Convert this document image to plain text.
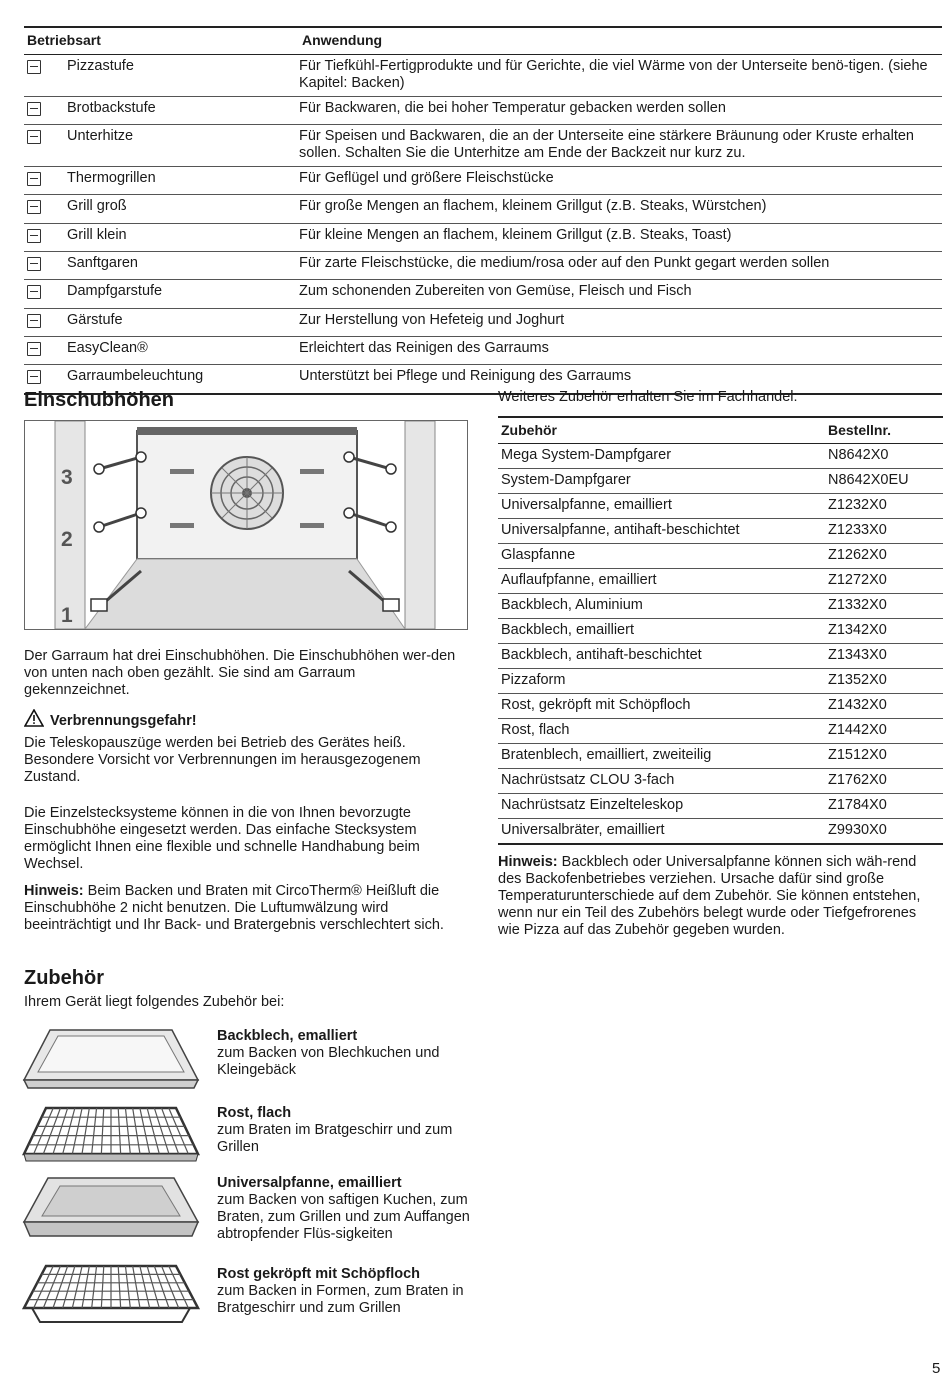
Betriebsart		Anwendung

	Pizzastufe	Für Tiefkühl-Fertigprodukte und für Gerichte, die viel Wärme von der Unterseite benö-tigen. (siehe Kapitel: Backen)

	Brotbackstufe	Für Backwaren, die bei hoher Temperatur gebacken werden sollen

	Unterhitze	Für Speisen und Backwaren, die an der Unterseite eine stärkere Bräunung oder Kruste erhalten sollen. Schalten Sie die Unterhitze am Ende der Backzeit nur kurz zu.

	Thermogrillen	Für Geflügel und größere Fleischstücke

	Grill groß	Für große Mengen an flachem, kleinem Grillgut (z.B. Steaks, Würstchen)

	Grill klein	Für kleine Mengen an flachem, kleinem Grillgut (z.B. Steaks, Toast)

	Sanftgaren	Für zarte Fleischstücke, die medium/rosa oder auf den Punkt gegart werden sollen

	Dampfgarstufe	Zum schonenden Zubereiten von Gemüse, Fleisch und Fisch

	Gärstufe	Zur Herstellung von Hefeteig und Joghurt

	EasyClean®	Erleichtert das Reinigen des Garraums

	Garraumbeleuchtung	Unterstützt bei Pflege und Reinigung des Garraums
Einschubhöhen
3
2
1

Der Garraum hat drei Einschubhöhen. Die Einschubhöhen wer-den von unten nach oben gezählt. Sie sind am Garraum gekennzeichnet.

Verbrennungsgefahr!

Die Teleskopauszüge werden bei Betrieb des Gerätes heiß. Besondere Vorsicht vor Verbrennungen im herausgezogenem Zustand.

Die Einzelstecksysteme können in die von Ihnen bevorzugte Einschubhöhe eingesetzt werden. Das einfache Stecksystem ermöglicht Ihnen eine flexible und schnelle Handhabung beim Wechsel.

Hinweis: Beim Backen und Braten mit CircoTherm® Heißluft die Einschubhöhe 2 nicht benutzen. Die Luftumwälzung wird beeinträchtigt und Ihr Back- und Bratergebnis verschlechtert sich.

Zubehör
Ihrem Gerät liegt folgendes Zubehör bei:
Backblech, emalliert
zum Backen von Blechkuchen und Kleingebäck
Rost, flach
zum Braten im Bratgeschirr und zum Grillen
Universalpfanne, emailliert
zum Backen von saftigen Kuchen, zum Braten, zum Grillen und zum Auffangen abtropfender Flüs-sigkeiten
Rost gekröpft mit Schöpfloch
zum Backen in Formen, zum Braten in Bratgeschirr und zum Grillen
Weiteres Zubehör erhalten Sie im Fachhandel:
Zubehör	Bestellnr.
Mega System-Dampfgarer	N8642X0
System-Dampfgarer	N8642X0EU
Universalpfanne, emailliert	Z1232X0
Universalpfanne, antihaft-beschichtet	Z1233X0
Glaspfanne	Z1262X0
Auflaufpfanne, emailliert	Z1272X0
Backblech, Aluminium	Z1332X0
Backblech, emailliert	Z1342X0
Backblech, antihaft-beschichtet	Z1343X0
Pizzaform	Z1352X0
Rost, gekröpft mit Schöpfloch	Z1432X0
Rost, flach	Z1442X0
Bratenblech, emailliert, zweiteilig	Z1512X0
Nachrüstsatz CLOU 3-fach	Z1762X0
Nachrüstsatz Einzelteleskop	Z1784X0
Universalbräter, emailliert	Z9930X0
Hinweis: Backblech oder Universalpfanne können sich wäh-rend des Backofenbetriebes verziehen. Ursache dafür sind große Temperaturunterschiede auf dem Zubehör. Sie können entstehen, wenn nur ein Teil des Zubehörs belegt wurde oder Tiefgefrorenes wie Pizza auf das Zubehör gegeben wurden.
5
